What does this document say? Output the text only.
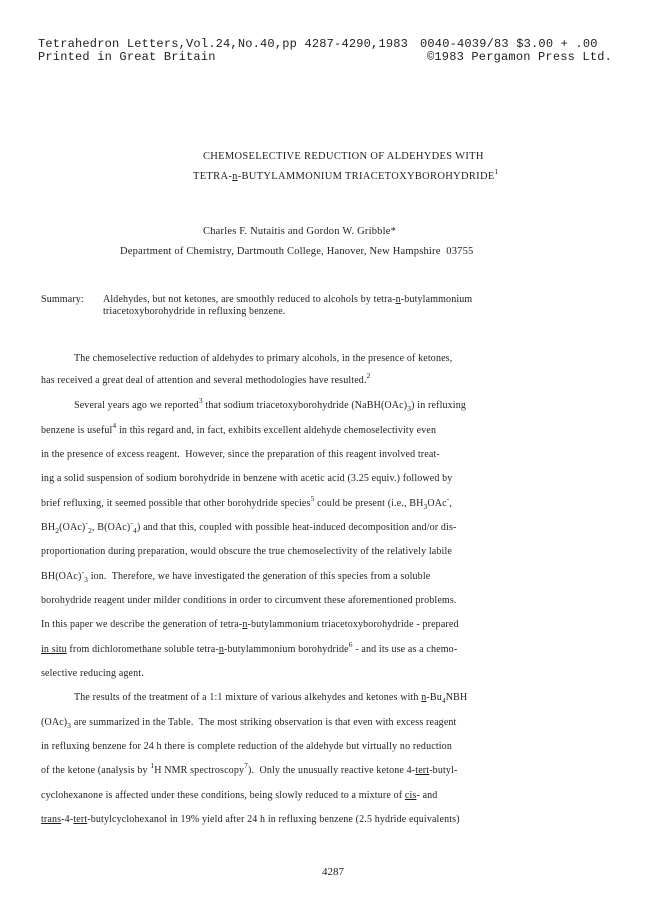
Tetrahedron Letters,Vol.24,No.40,pp 4287-4290,1983 0040-4039/83 $3.00 + .00
Printed in Great Britain	©1983 Pergamon Press Ltd.
CHEMOSELECTIVE REDUCTION OF ALDEHYDES WITH
TETRA-n-BUTYLAMMONIUM TRIACETOXYBOROHYDRIDE$^1$
Charles F. Nutaitis and Gordon W. Gribble*
Department of Chemistry, Dartmouth College, Hanover, New Hampshire  03755
Summary: Aldehydes, but not ketones, are smoothly reduced to alcohols by tetra-n-butylammonium
triacetoxyborohydride in refluxing benzene.
The chemoselective reduction of aldehydes to primary alcohols, in the presence of ketones,
has received a great deal of attention and several methodologies have resulted.$^2$
Several years ago we reported$^3$ that sodium triacetoxyborohydride $(NaBH(OAc)_3)$ in refluxing
benzene is useful$^4$ in this regard and, in fact, exhibits excellent aldehyde chemoselectivity even
in the presence of excess reagent.  However, since the preparation of this reagent involved treat-
ing a solid suspension of sodium borohydride in benzene with acetic acid (3.25 equiv.) followed by
brief refluxing, it seemed possible that other borohydride species$^5$ could be present (i.e., $BH_3OAc^-$,
$BH_2(OAc)^-_2$, $B(OAc)^-_4$) and that this, coupled with possible heat-induced decomposition and/or dis-
proportionation during preparation, would obscure the true chemoselectivity of the relatively labile
$BH(OAc)^-_3$ ion.  Therefore, we have investigated the generation of this species from a soluble
borohydride reagent under milder conditions in order to circumvent these aforementioned problems.
In this paper we describe the generation of tetra-n-butylammonium triacetoxyborohydride - prepared
in situ from dichloromethane soluble tetra-n-butylammonium borohydride$^6$ - and its use as a chemo-
selective reducing agent.
The results of the treatment of a 1:1 mixture of various alkehydes and ketones with $n-Bu_4NBH$
$(OAc)_3$ are summarized in the Table.  The most striking observation is that even with excess reagent
in refluxing benzene for 24 h there is complete reduction of the aldehyde but virtually no reduction
of the ketone (analysis by $^1$H NMR spectroscopy$^7$).  Only the unusually reactive ketone 4-tert-butyl-
cyclohexanone is affected under these conditions, being slowly reduced to a mixture of cis- and
trans-4-tert-butylcyclohexanol in 19% yield after 24 h in refluxing benzene (2.5 hydride equivalents)
4287
